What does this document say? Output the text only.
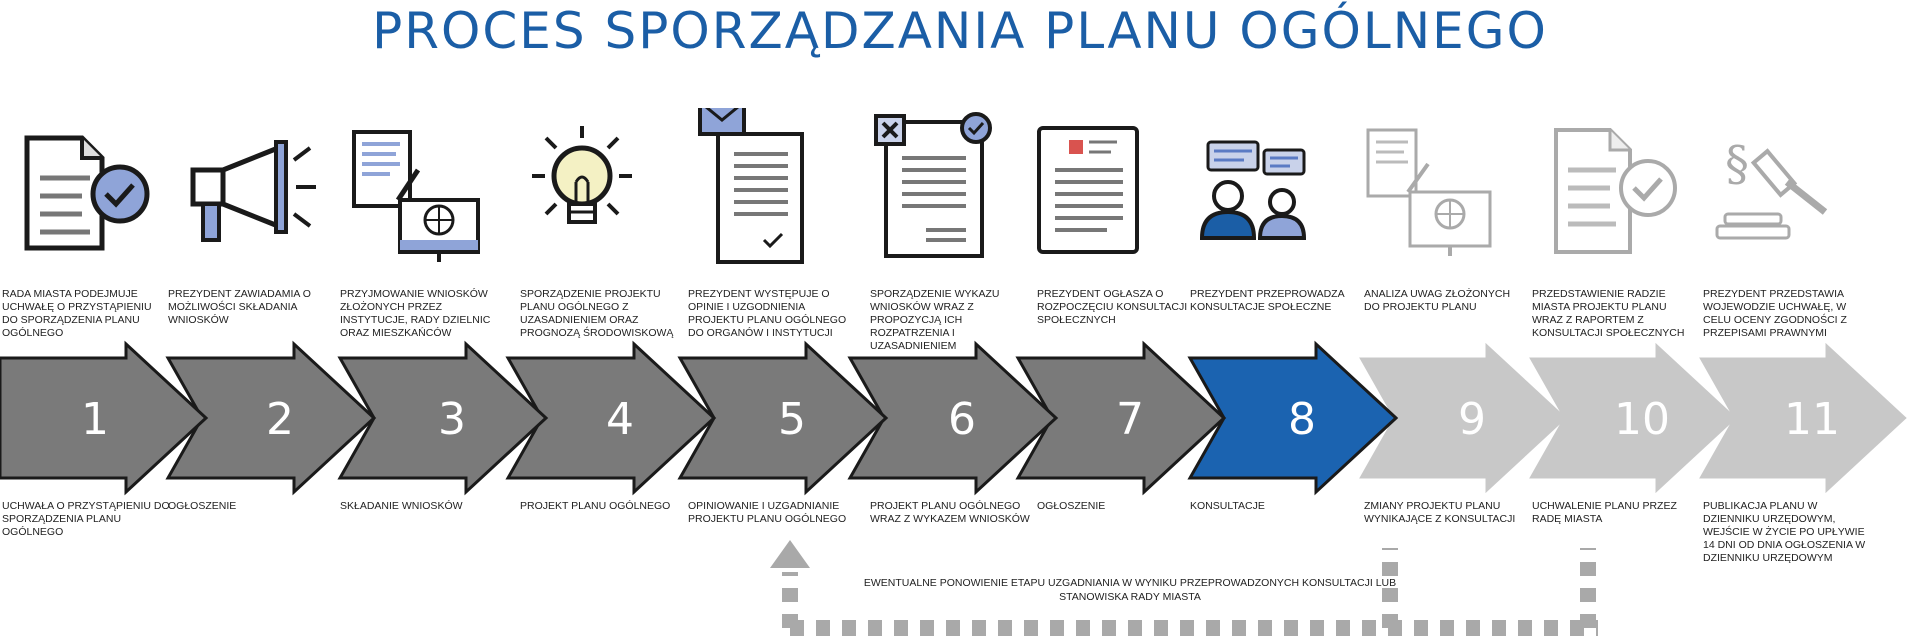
PROCES SPORZĄDZANIA PLANU OGÓLNEGO
11
10
9
8
7
6
5
4
3
2
1
RADA MIASTA PODEJMUJE UCHWAŁĘ O PRZYSTĄPIENIU DO SPORZĄDZENIA PLANU OGÓLNEGO
UCHWAŁA O PRZYSTĄPIENIU DO SPORZĄDZENIA PLANU OGÓLNEGO
PREZYDENT ZAWIADAMIA O MOŻLIWOŚCI SKŁADANIA WNIOSKÓW
OGŁOSZENIE
PRZYJMOWANIE WNIOSKÓW ZŁOŻONYCH PRZEZ INSTYTUCJE, RADY DZIELNIC ORAZ MIESZKAŃCÓW
SKŁADANIE WNIOSKÓW
SPORZĄDZENIE PROJEKTU PLANU OGÓLNEGO Z UZASADNIENIEM ORAZ PROGNOZĄ ŚRODOWISKOWĄ
PROJEKT PLANU OGÓLNEGO
PREZYDENT WYSTĘPUJE O OPINIE I UZGODNIENIA PROJEKTU PLANU OGÓLNEGO DO ORGANÓW I INSTYTUCJI
OPINIOWANIE I UZGADNIANIE PROJEKTU PLANU OGÓLNEGO
SPORZĄDZENIE WYKAZU WNIOSKÓW WRAZ Z PROPOZYCJĄ ICH ROZPATRZENIA I UZASADNIENIEM
PROJEKT PLANU OGÓLNEGO WRAZ Z WYKAZEM WNIOSKÓW
PREZYDENT OGŁASZA O ROZPOCZĘCIU KONSULTACJI SPOŁECZNYCH
OGŁOSZENIE
PREZYDENT PRZEPROWADZA KONSULTACJE SPOŁECZNE
KONSULTACJE
ANALIZA UWAG ZŁOŻONYCH DO PROJEKTU PLANU
ZMIANY PROJEKTU PLANU WYNIKAJĄCE Z KONSULTACJI
PRZEDSTAWIENIE RADZIE MIASTA PROJEKTU PLANU WRAZ Z RAPORTEM Z KONSULTACJI SPOŁECZNYCH
UCHWALENIE PLANU PRZEZ RADĘ MIASTA
§
PREZYDENT PRZEDSTAWIA WOJEWODZIE UCHWAŁĘ, W CELU OCENY ZGODNOŚCI Z PRZEPISAMI PRAWNYMI
PUBLIKACJA PLANU W DZIENNIKU URZĘDOWYM, WEJŚCIE W ŻYCIE PO UPŁYWIE 14 DNI OD DNIA OGŁOSZENIA W DZIENNIKU URZĘDOWYM
EWENTUALNE PONOWIENIE ETAPU UZGADNIANIA W WYNIKU PRZEPROWADZONYCH KONSULTACJI LUB STANOWISKA RADY MIASTA
